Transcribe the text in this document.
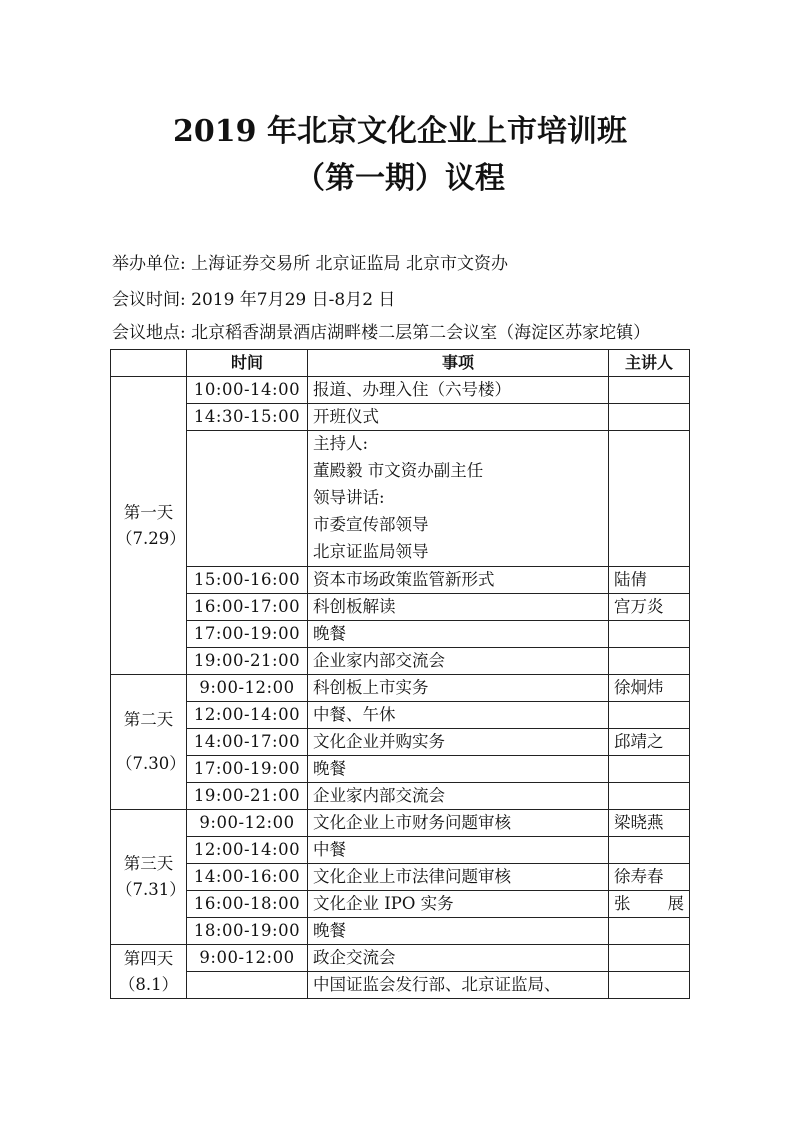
2019 年北京文化企业上市培训班
（第一期）议程

举办单位: 上海证券交易所 北京证监局 北京市文资办

会议时间: 2019 年7月29 日-8月2 日

会议地点: 北京稻香湖景酒店湖畔楼二层第二会议室（海淀区苏家坨镇）

	时间	事项	主讲人

第一天
（7.29）	10:00-14:00	报道、办理入住（六号楼）	
	14:30-15:00	开班仪式	

		主持人:
董殿毅 市文资办副主任
领导讲话:
市委宣传部领导
北京证监局领导	

	15:00-16:00	资本市场政策监管新形式	陆倩
	16:00-17:00	科创板解读	宫万炎
	17:00-19:00	晚餐	
	19:00-21:00	企业家内部交流会	

第二天
（7.30）	9:00-12:00	科创板上市实务	徐炯炜
	12:00-14:00	中餐、午休	
	14:00-17:00	文化企业并购实务	邱靖之
	17:00-19:00	晚餐	
	19:00-21:00	企业家内部交流会	

第三天
（7.31）	9:00-12:00	文化企业上市财务问题审核	梁晓燕
	12:00-14:00	中餐	
	14:00-16:00	文化企业上市法律问题审核	徐寿春
	16:00-18:00	文化企业 IPO 实务	张 展
	18:00-19:00	晚餐	

第四天
（8.1）	9:00-12:00	政企交流会	
		中国证监会发行部、北京证监局、	
